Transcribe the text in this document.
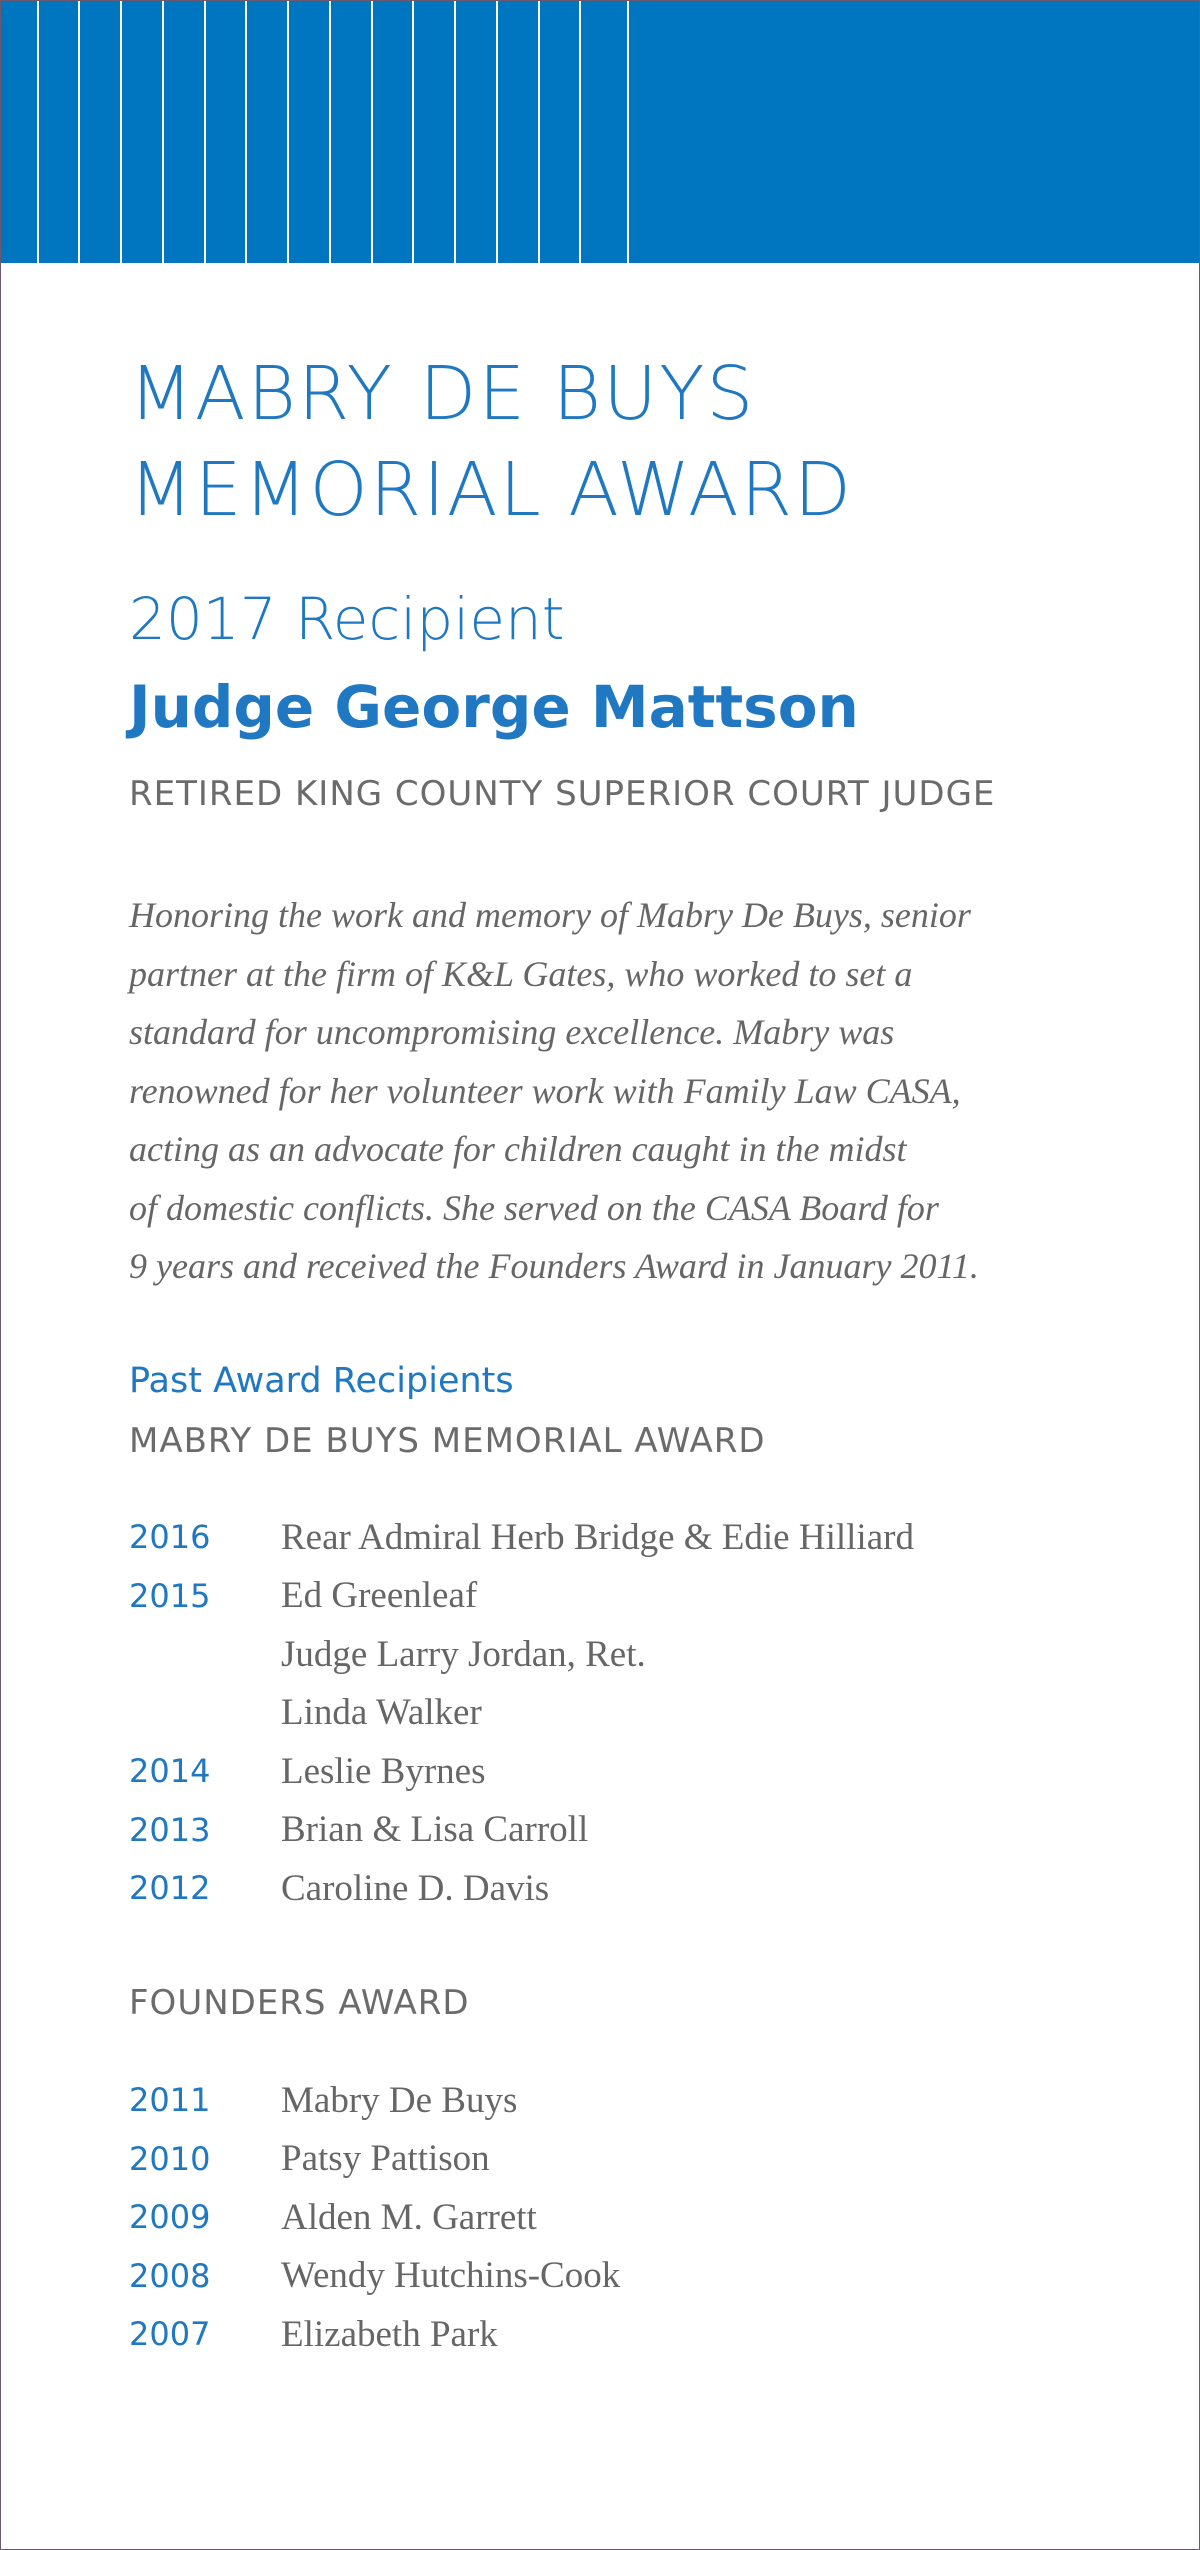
MABRY DE BUYS
MEMORIAL AWARD

2017 Recipient

Judge George Mattson

RETIRED KING COUNTY SUPERIOR COURT JUDGE

Honoring the work and memory of Mabry De Buys, senior
partner at the firm of K&L Gates, who worked to set a
standard for uncompromising excellence. Mabry was
renowned for her volunteer work with Family Law CASA,
acting as an advocate for children caught in the midst
of domestic conflicts. She served on the CASA Board for
9 years and received the Founders Award in January 2011.

Past Award Recipients

MABRY DE BUYS MEMORIAL AWARD

2016	Rear Admiral Herb Bridge & Edie Hilliard
2015	Ed Greenleaf
Judge Larry Jordan, Ret.
Linda Walker
2014	Leslie Byrnes
2013	Brian & Lisa Carroll
2012	Caroline D. Davis

FOUNDERS AWARD

2011	Mabry De Buys
2010	Patsy Pattison
2009	Alden M. Garrett
2008	Wendy Hutchins-Cook
2007	Elizabeth Park
